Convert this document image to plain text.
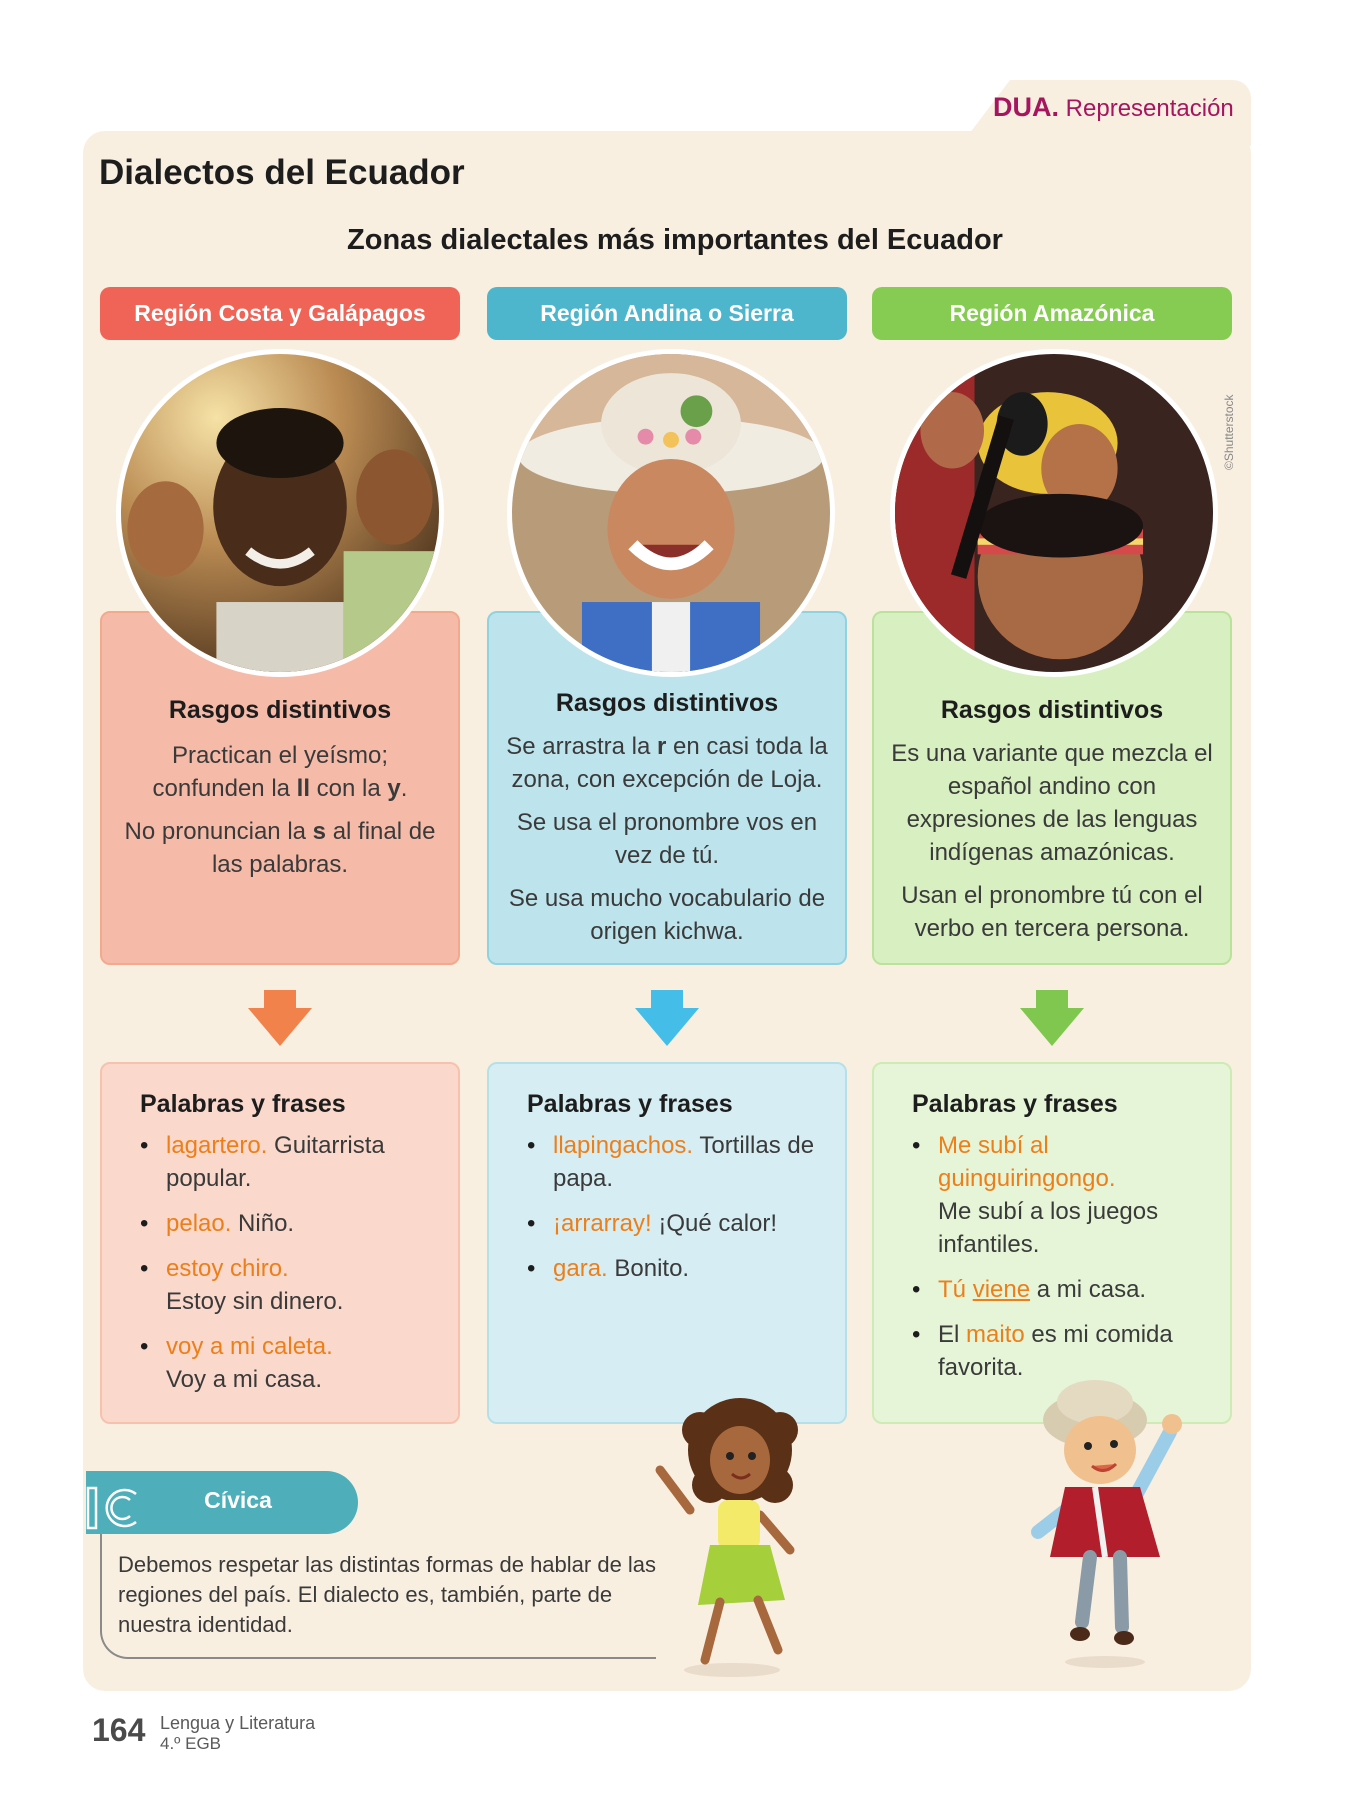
DUA. Representación
Dialectos del Ecuador
Zonas dialectales más importantes del Ecuador
Región Costa y Galápagos	Región Andina o Sierra	Región Amazónica
Rasgos distintivos
Practican el yeísmo; confunden la ll con la y.
No pronuncian la s al final de las palabras.
Rasgos distintivos
Se arrastra la r en casi toda la zona, con excepción de Loja.
Se usa el pronombre vos en vez de tú.
Se usa mucho vocabulario de origen kichwa.
Rasgos distintivos
Es una variante que mezcla el español andino con expresiones de las lenguas indígenas amazónicas.
Usan el pronombre tú con el verbo en tercera persona.
©Shutterstock
Palabras y frases
• lagartero. Guitarrista popular.
• pelao. Niño.
• estoy chiro.
Estoy sin dinero.
• voy a mi caleta.
Voy a mi casa.
Palabras y frases
• llapingachos. Tortillas de papa.
• ¡arrarray! ¡Qué calor!
• gara. Bonito.
Palabras y frases
• Me subí al guinguiringongo.
Me subí a los juegos infantiles.
• Tú viene a mi casa.
• El maito es mi comida favorita.
Cívica
Debemos respetar las distintas formas de hablar de las regiones del país. El dialecto es, también, parte de nuestra identidad.
164 Lengua y Literatura
4.º EGB
